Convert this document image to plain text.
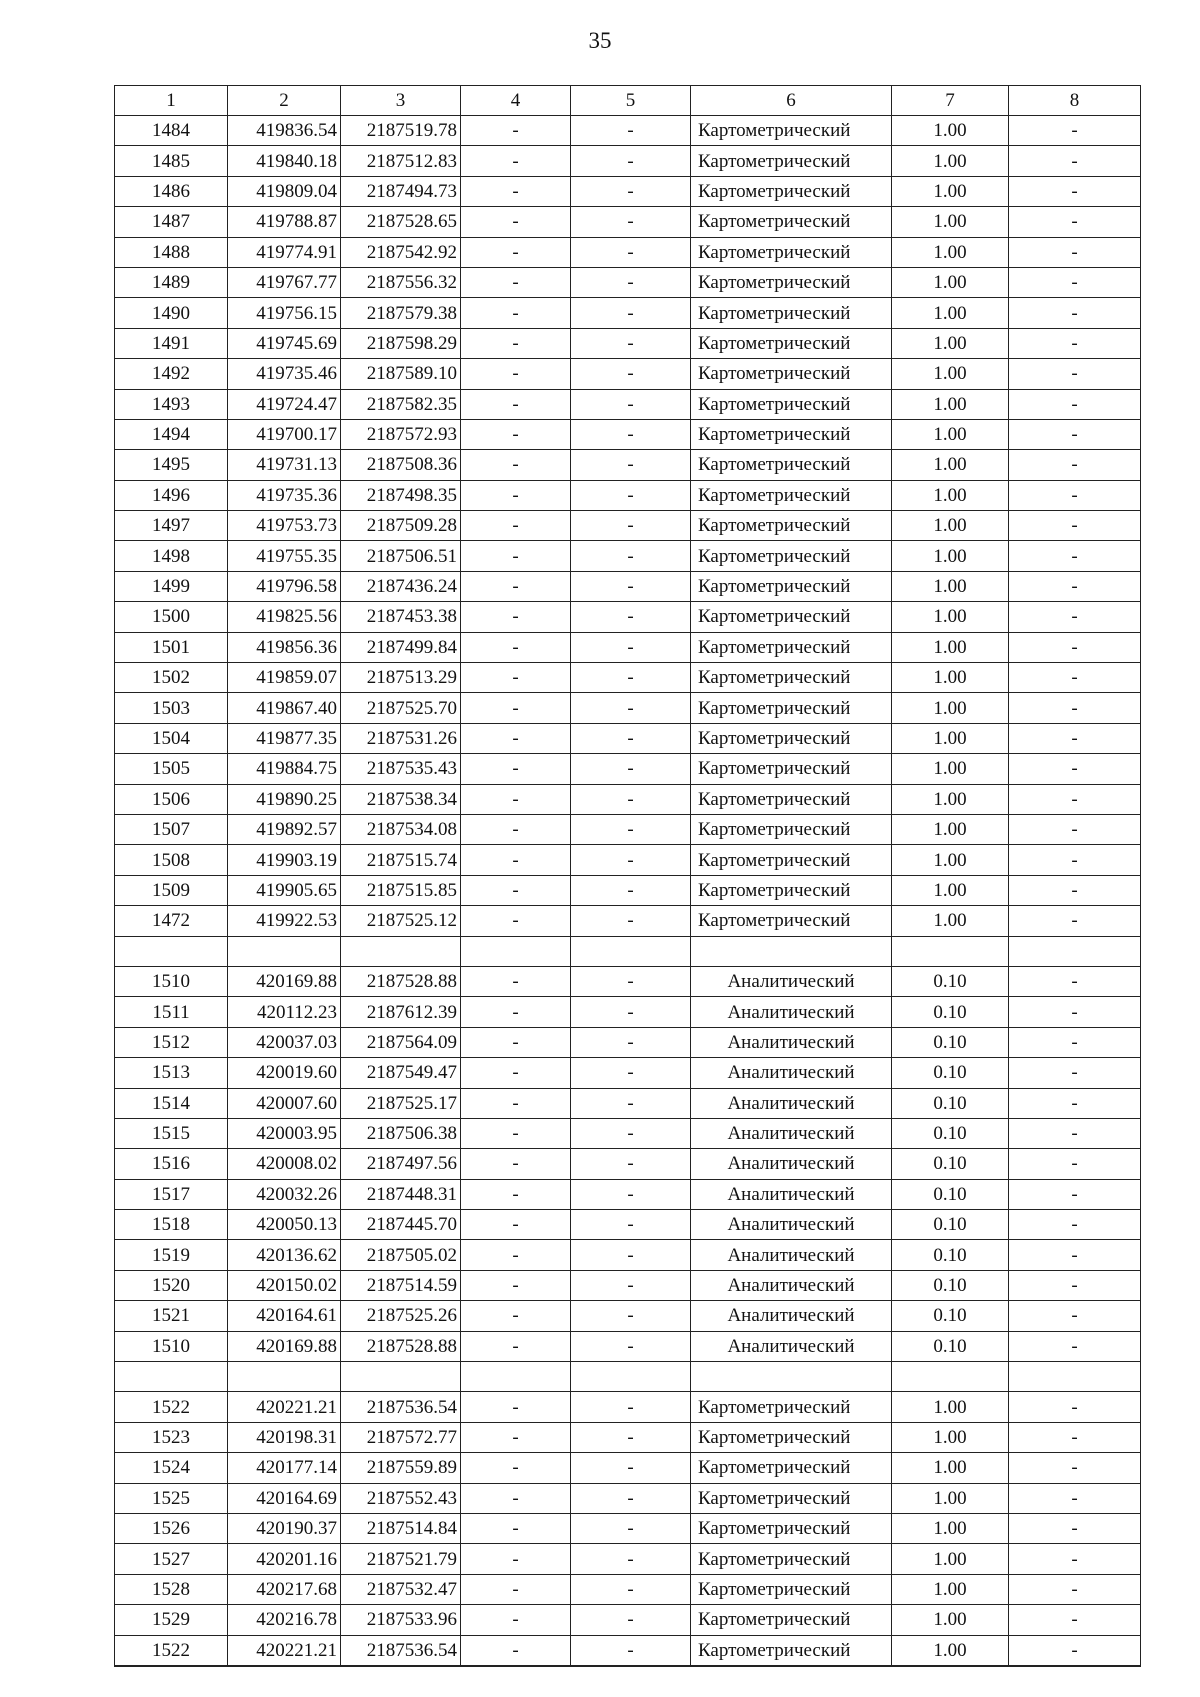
35
1	2	3	4	5	6	7	8
1484	419836.54	2187519.78	-	-	Картометрический	1.00	-
1485	419840.18	2187512.83	-	-	Картометрический	1.00	-
1486	419809.04	2187494.73	-	-	Картометрический	1.00	-
1487	419788.87	2187528.65	-	-	Картометрический	1.00	-
1488	419774.91	2187542.92	-	-	Картометрический	1.00	-
1489	419767.77	2187556.32	-	-	Картометрический	1.00	-
1490	419756.15	2187579.38	-	-	Картометрический	1.00	-
1491	419745.69	2187598.29	-	-	Картометрический	1.00	-
1492	419735.46	2187589.10	-	-	Картометрический	1.00	-
1493	419724.47	2187582.35	-	-	Картометрический	1.00	-
1494	419700.17	2187572.93	-	-	Картометрический	1.00	-
1495	419731.13	2187508.36	-	-	Картометрический	1.00	-
1496	419735.36	2187498.35	-	-	Картометрический	1.00	-
1497	419753.73	2187509.28	-	-	Картометрический	1.00	-
1498	419755.35	2187506.51	-	-	Картометрический	1.00	-
1499	419796.58	2187436.24	-	-	Картометрический	1.00	-
1500	419825.56	2187453.38	-	-	Картометрический	1.00	-
1501	419856.36	2187499.84	-	-	Картометрический	1.00	-
1502	419859.07	2187513.29	-	-	Картометрический	1.00	-
1503	419867.40	2187525.70	-	-	Картометрический	1.00	-
1504	419877.35	2187531.26	-	-	Картометрический	1.00	-
1505	419884.75	2187535.43	-	-	Картометрический	1.00	-
1506	419890.25	2187538.34	-	-	Картометрический	1.00	-
1507	419892.57	2187534.08	-	-	Картометрический	1.00	-
1508	419903.19	2187515.74	-	-	Картометрический	1.00	-
1509	419905.65	2187515.85	-	-	Картометрический	1.00	-
1472	419922.53	2187525.12	-	-	Картометрический	1.00	-

1510	420169.88	2187528.88	-	-	Аналитический	0.10	-
1511	420112.23	2187612.39	-	-	Аналитический	0.10	-
1512	420037.03	2187564.09	-	-	Аналитический	0.10	-
1513	420019.60	2187549.47	-	-	Аналитический	0.10	-
1514	420007.60	2187525.17	-	-	Аналитический	0.10	-
1515	420003.95	2187506.38	-	-	Аналитический	0.10	-
1516	420008.02	2187497.56	-	-	Аналитический	0.10	-
1517	420032.26	2187448.31	-	-	Аналитический	0.10	-
1518	420050.13	2187445.70	-	-	Аналитический	0.10	-
1519	420136.62	2187505.02	-	-	Аналитический	0.10	-
1520	420150.02	2187514.59	-	-	Аналитический	0.10	-
1521	420164.61	2187525.26	-	-	Аналитический	0.10	-
1510	420169.88	2187528.88	-	-	Аналитический	0.10	-

1522	420221.21	2187536.54	-	-	Картометрический	1.00	-
1523	420198.31	2187572.77	-	-	Картометрический	1.00	-
1524	420177.14	2187559.89	-	-	Картометрический	1.00	-
1525	420164.69	2187552.43	-	-	Картометрический	1.00	-
1526	420190.37	2187514.84	-	-	Картометрический	1.00	-
1527	420201.16	2187521.79	-	-	Картометрический	1.00	-
1528	420217.68	2187532.47	-	-	Картометрический	1.00	-
1529	420216.78	2187533.96	-	-	Картометрический	1.00	-
1522	420221.21	2187536.54	-	-	Картометрический	1.00	-
